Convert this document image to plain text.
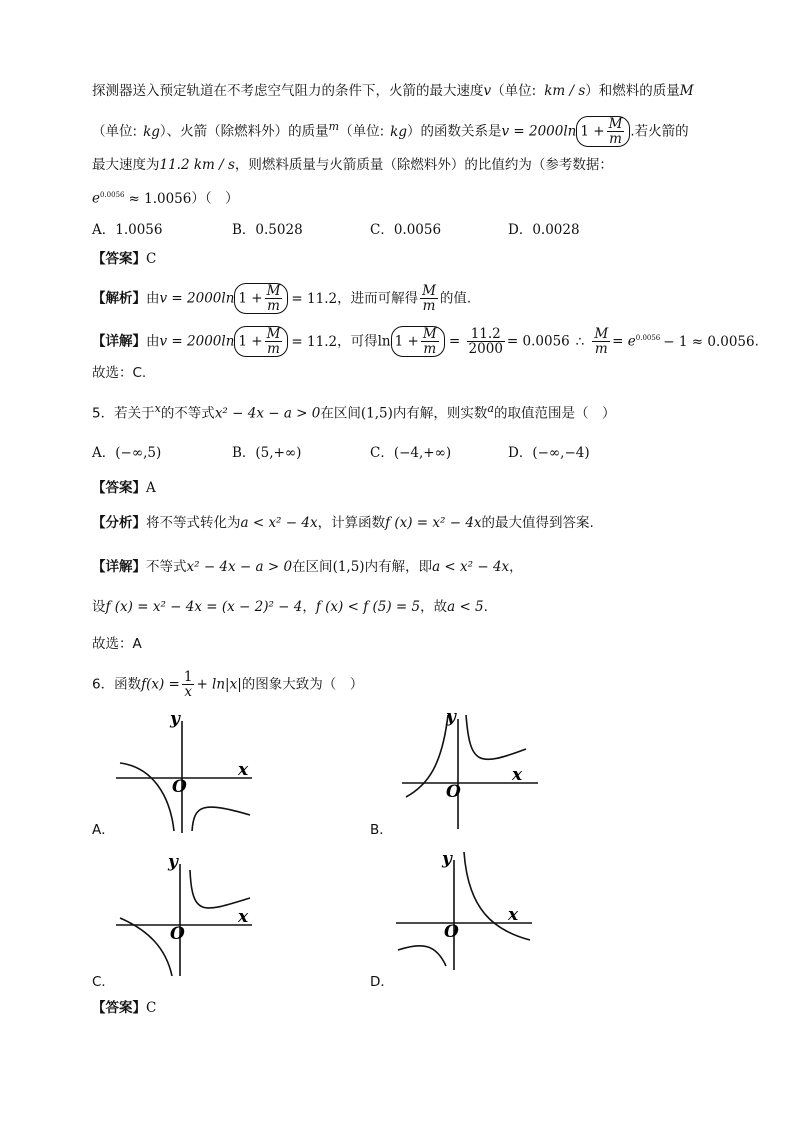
探测器送入预定轨道在不考虑空气阻力的条件下，火箭的最大速度v（单位: km / s）和燃料的质量M
（单位: kg）、火箭（除燃料外）的质量$^m$（单位: kg）的函数关系是v = 2000ln $1 + \frac{M}{m}$ .若火箭的
最大速度为11.2 km / s，则燃料质量与火箭质量（除燃料外）的比值约为（参考数据：
$e^{0.0056} \approx 1.0056$）（　）
A．1.0056	B．0.5028	C．0.0056	D．0.0028
【答案】C
【解析】由v = 2000ln $1 + \frac{M}{m} = 11.2$，进而可解得 $\frac{M}{m}$ 的值.
【详解】由v = 2000ln $1 + \frac{M}{m} = 11.2$，可得$\ln 1 + \frac{M}{m} = \frac{11.2}{2000} = 0.0056$ ∴ $\frac{M}{m} = e^{0.0056} - 1 \approx 0.0056$.
故选：C.
5．若关于$^x$的不等式x² − 4x − a > 0在区间(1,5)内有解，则实数$^a$的取值范围是（　）
A．(−∞,5)	B．(5,+∞)	C．(−4,+∞)	D．(−∞,−4)
【答案】A
【分析】将不等式转化为a < x² − 4x，计算函数f (x) = x² − 4x的最大值得到答案.
【详解】不等式x² − 4x − a > 0在区间(1,5)内有解，即a < x² − 4x，
设f (x) = x² − 4x = (x − 2)² − 4，f (x) < f (5) = 5，故a < 5.
故选：A
6．函数$f(x) = \frac{1}{x} + \ln|x|$的图象大致为（　）
x
y
O
A．
x
y
O
B．
x
y
O
C．
x
y
O
D．
【答案】C
